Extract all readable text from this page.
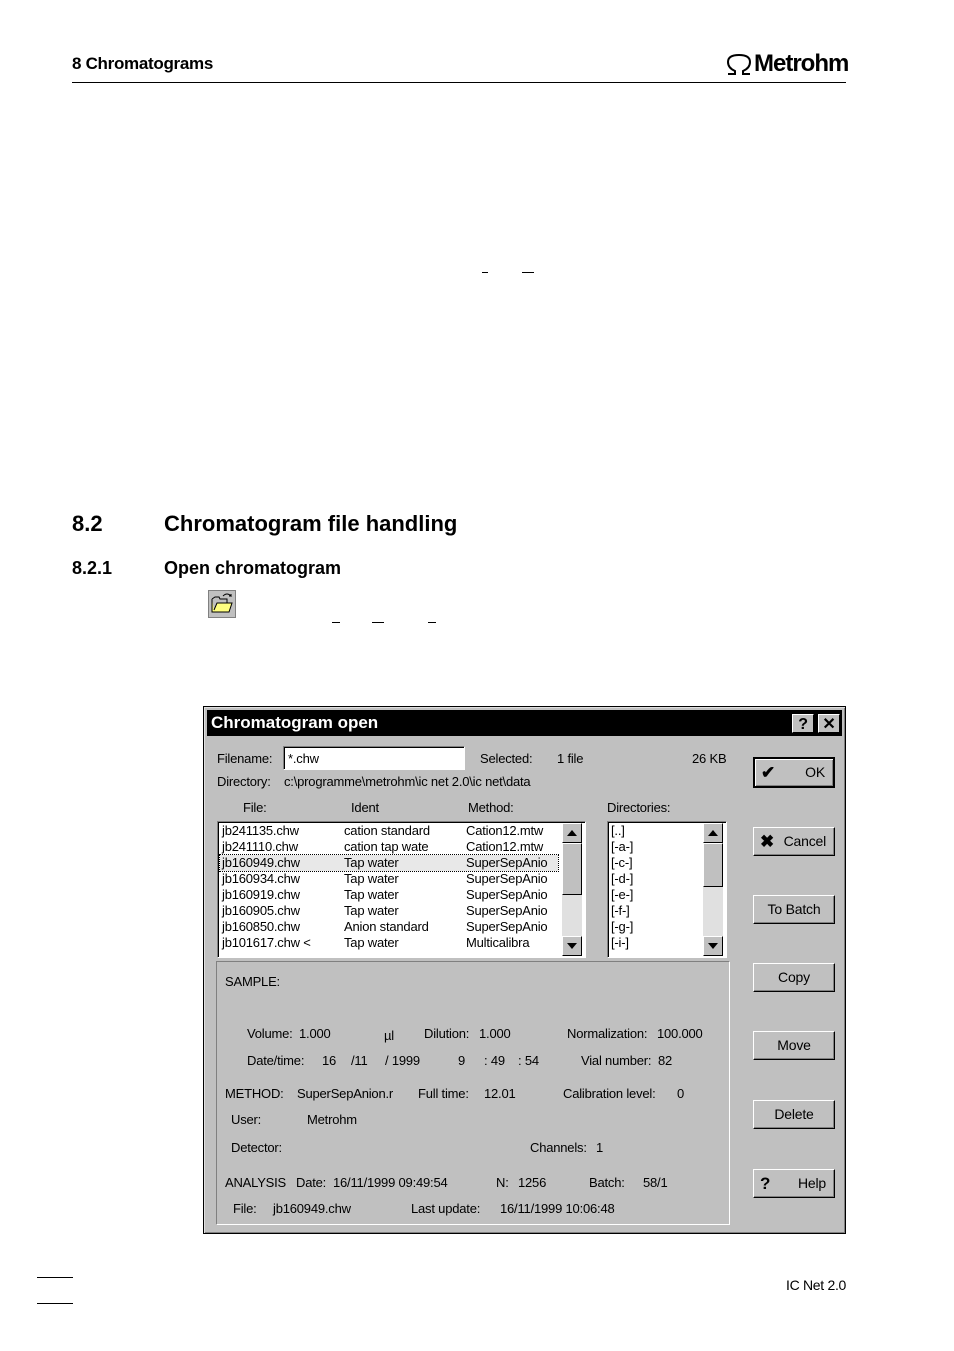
8 Chromatograms	Metrohm
8.2	Chromatogram file handling
8.2.1	Open chromatogram
Chromatogram open	? ✕
Filename: *.chw	Selected: 1 file	26 KB
Directory: c:\programme\metrohm\ic net 2.0\ic net\data
File:	Ident	Method:	Directories:
jb241135.chw	cation standard	Cation12.mtw
jb241110.chw	cation tap wate	Cation12.mtw
jb160949.chw	Tap water	SuperSepAnio
jb160934.chw	Tap water	SuperSepAnio
jb160919.chw	Tap water	SuperSepAnio
jb160905.chw	Tap water	SuperSepAnio
jb160850.chw	Anion standard	SuperSepAnio
jb101617.chw <	Tap water	Multicalibra
[..]
[-a-]
[-c-]
[-d-]
[-e-]
[-f-]
[-g-]
[-i-]
SAMPLE:
Volume: 1.000	µl Dilution: 1.000	Normalization: 100.000
Date/time: 16 /11 / 1999	9 : 49 : 54	Vial number: 82
METHOD: SuperSepAnion.r Full time: 12.01	Calibration level: 0
User:	Metrohm
Detector:	Channels: 1
ANALYSIS Date: 16/11/1999 09:49:54	N: 1256	Batch: 58/1
File: jb160949.chw	Last update: 16/11/1999 10:06:48
✔ OK
✖ Cancel
To Batch
Copy
Move
Delete
? Help
IC Net 2.0
